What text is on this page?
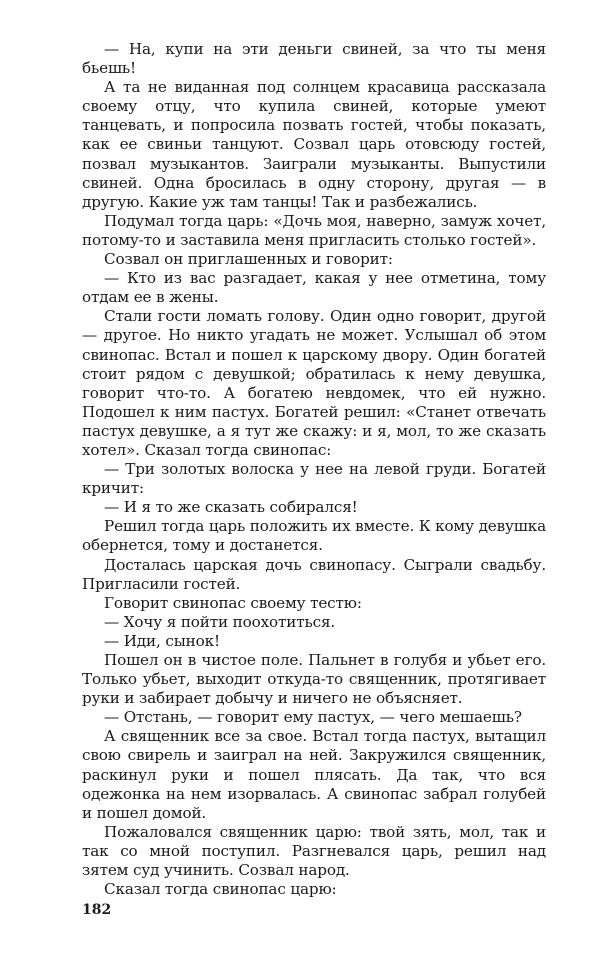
— На, купи на эти деньги свиней, за что ты меня бьешь!

А та не виданная под солнцем красавица рассказала своему отцу, что купила свиней, которые умеют танцевать, и попросила позвать гостей, чтобы показать, как ее свиньи танцуют. Созвал царь отовсюду гостей, позвал музыкантов. Заиграли музыканты. Выпустили свиней. Одна бросилась в одну сторону, другая — в другую. Какие уж там танцы! Так и разбежались.

Подумал тогда царь: «Дочь моя, наверно, замуж хочет, потому-то и заставила меня пригласить столько гостей».

Созвал он приглашенных и говорит:

— Кто из вас разгадает, какая у нее отметина, тому отдам ее в жены.

Стали гости ломать голову. Один одно говорит, другой — другое. Но никто угадать не может. Услышал об этом свинопас. Встал и пошел к царскому двору. Один богатей стоит рядом с девушкой; обратилась к нему девушка, говорит что-то. А богатею невдомек, что ей нужно. Подошел к ним пастух. Богатей решил: «Станет отвечать пастух девушке, а я тут же скажу: и я, мол, то же сказать хотел». Сказал тогда свинопас:

— Три золотых волоска у нее на левой груди. Богатей кричит:

— И я то же сказать собирался!

Решил тогда царь положить их вместе. К кому девушка обернется, тому и достанется.

Досталась царская дочь свинопасу. Сыграли свадьбу. Пригласили гостей.

Говорит свинопас своему тестю:

— Хочу я пойти поохотиться.

— Иди, сынок!

Пошел он в чистое поле. Пальнет в голубя и убьет его. Только убьет, выходит откуда-то священник, протягивает руки и забирает добычу и ничего не объясняет.

— Отстань, — говорит ему пастух, — чего мешаешь?

А священник все за свое. Встал тогда пастух, вытащил свою свирель и заиграл на ней. Закружился священник, раскинул руки и пошел плясать. Да так, что вся одежонка на нем изорвалась. А свинопас забрал голубей и пошел домой.

Пожаловался священник царю: твой зять, мол, так и так со мной поступил. Разгневался царь, решил над зятем суд учинить. Созвал народ.

Сказал тогда свинопас царю:

182
